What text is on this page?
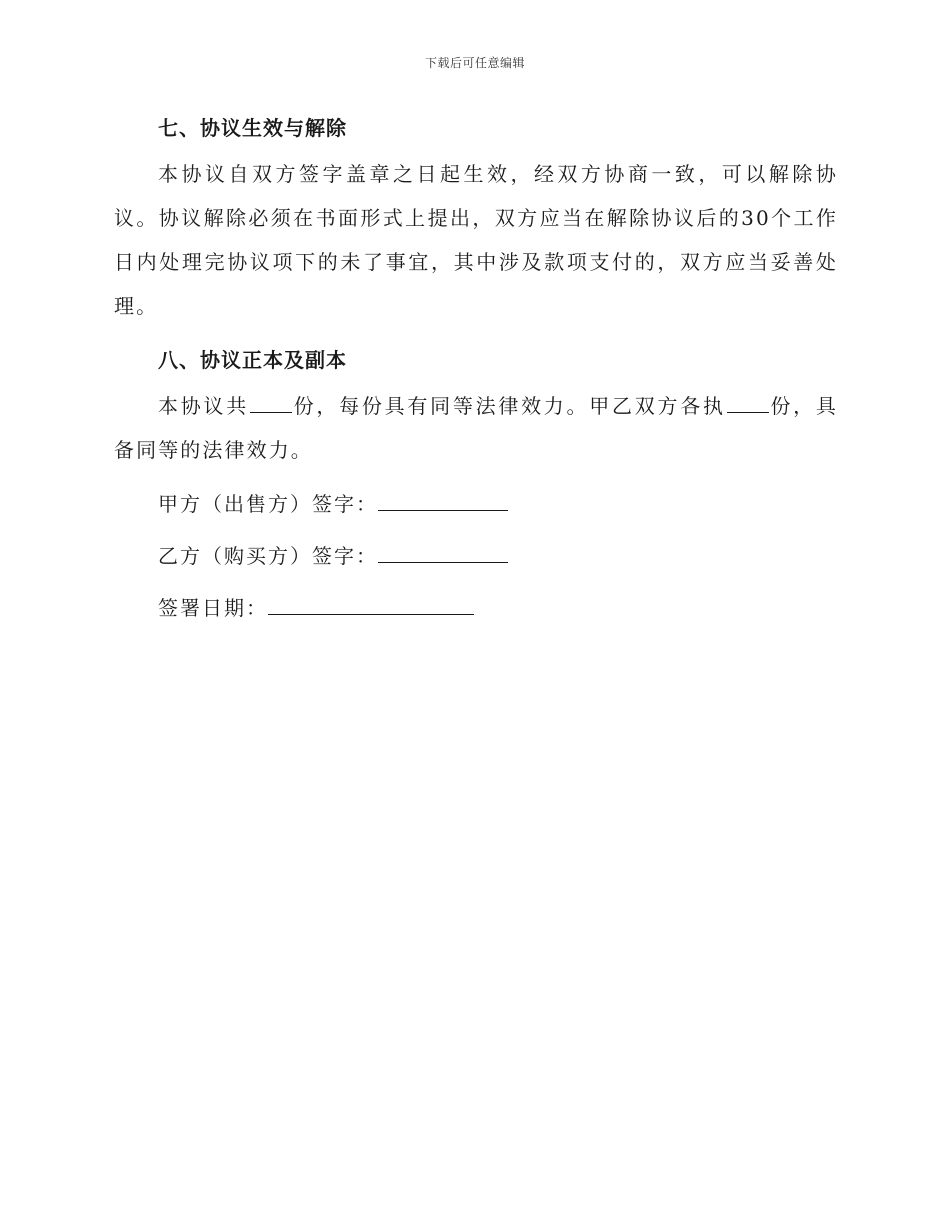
下载后可任意编辑
七、协议生效与解除

本协议自双方签字盖章之日起生效，经双方协商一致，可以解除协议。协议解除必须在书面形式上提出，双方应当在解除协议后的30个工作日内处理完协议项下的未了事宜，其中涉及款项支付的，双方应当妥善处理。

八、协议正本及副本

本协议共 份，每份具有同等法律效力。甲乙双方各执 份，具备同等的法律效力。

甲方（出售方）签字：

乙方（购买方）签字：

签署日期：
